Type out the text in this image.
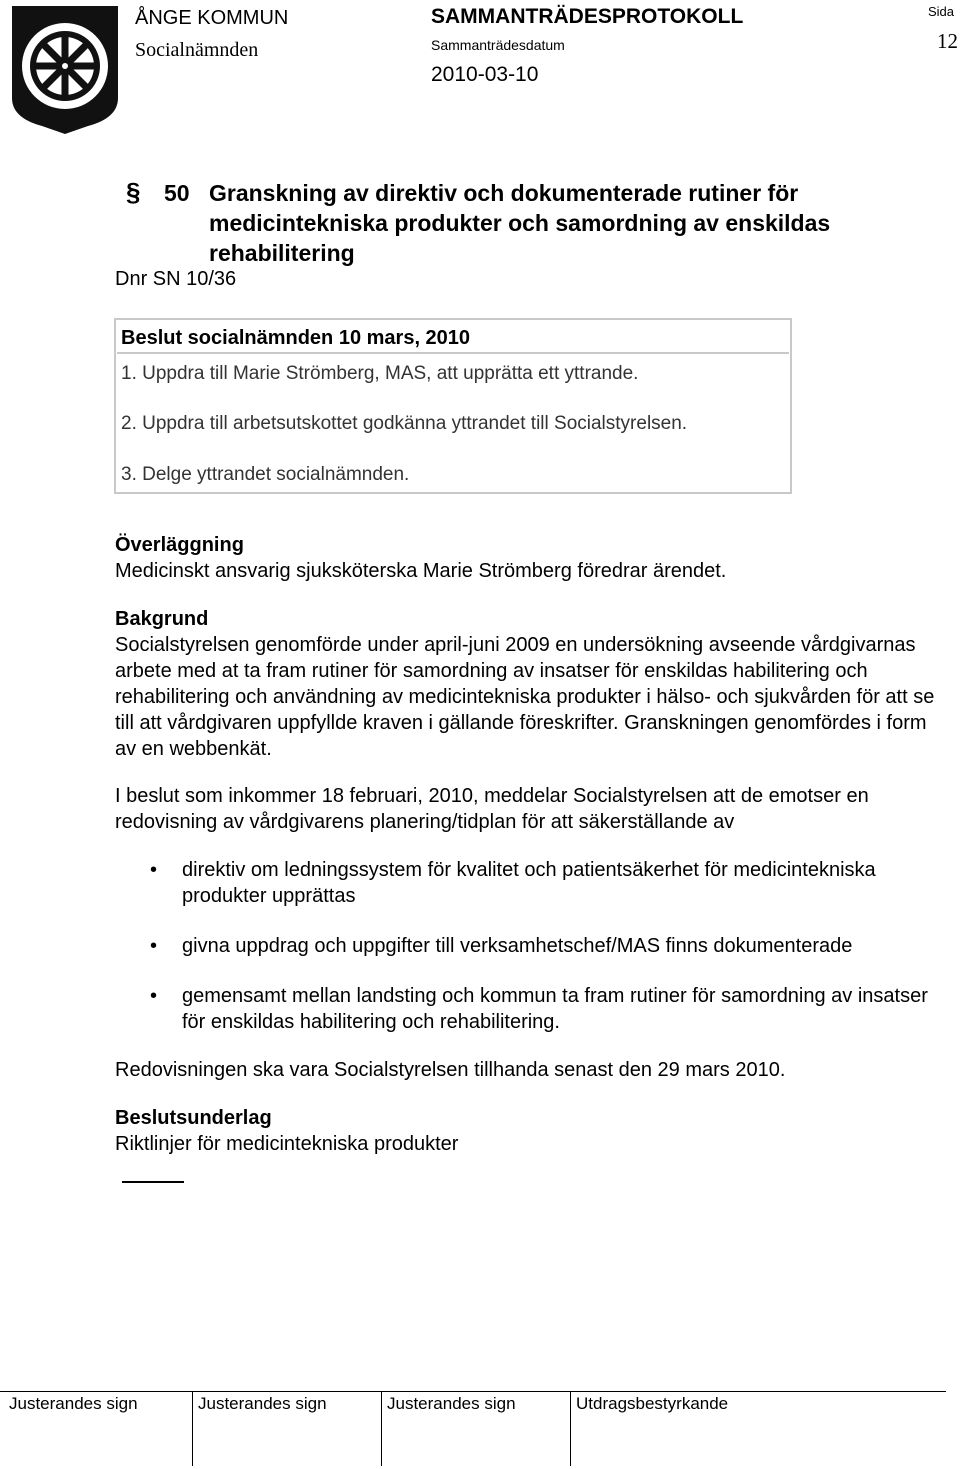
ÅNGE KOMMUN
Socialnämnden
SAMMANTRÄDESPROTOKOLL
Sammanträdesdatum
2010-03-10
Sida
12
§ 50 Granskning av direktiv och dokumenterade rutiner för medicintekniska produkter och samordning av enskildas rehabilitering
Dnr SN 10/36
Beslut socialnämnden 10 mars, 2010
1. Uppdra till Marie Strömberg, MAS, att upprätta ett yttrande.
2. Uppdra till arbetsutskottet godkänna yttrandet till Socialstyrelsen.
3. Delge yttrandet socialnämnden.
Överläggning
Medicinskt ansvarig sjuksköterska Marie Strömberg föredrar ärendet.
Bakgrund
Socialstyrelsen genomförde under april-juni 2009 en undersökning avseende vårdgivarnas arbete med at ta fram rutiner för samordning av insatser för enskildas habilitering och rehabilitering och användning av medicintekniska produkter i hälso- och sjukvården för att se till att vårdgivaren uppfyllde kraven i gällande föreskrifter. Granskningen genomfördes i form av en webbenkät.
I beslut som inkommer 18 februari, 2010, meddelar Socialstyrelsen att de emotser en redovisning av vårdgivarens planering/tidplan för att säkerställande av
• direktiv om ledningssystem för kvalitet och patientsäkerhet för medicintekniska produkter upprättas
• givna uppdrag och uppgifter till verksamhetschef/MAS finns dokumenterade
• gemensamt mellan landsting och kommun ta fram rutiner för samordning av insatser för enskildas habilitering och rehabilitering.
Redovisningen ska vara Socialstyrelsen tillhanda senast den 29 mars 2010.
Beslutsunderlag
Riktlinjer för medicintekniska produkter
Justerandes sign	Justerandes sign	Justerandes sign	Utdragsbestyrkande
